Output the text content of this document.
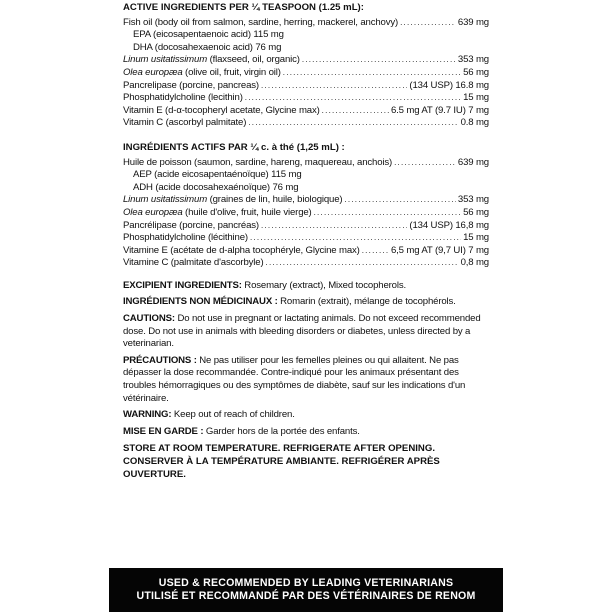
ACTIVE INGREDIENTS PER ¼ TEASPOON (1.25 mL):
Fish oil (body oil from salmon, sardine, herring, mackerel, anchovy) . . .	639 mg
EPA (eicosapentaenoic acid) 115 mg
DHA (docosahexaenoic acid) 76 mg
Linum usitatissimum (flaxseed, oil, organic) . . .	353 mg
Olea europæa (olive oil, fruit, virgin oil) . . .	56 mg
Pancrelipase (porcine, pancreas) . . .	(134 USP) 16.8 mg
Phosphatidylcholine (lecithin) . . .	15 mg
Vitamin E (d-α-tocopheryl acetate, Glycine max) . . .	6.5 mg AT (9.7 IU) 7 mg
Vitamin C (ascorbyl palmitate) . . .	0.8 mg
INGRÉDIENTS ACTIFS PAR ¼ c. à thé (1,25 mL) :
Huile de poisson (saumon, sardine, hareng, maquereau, anchois) . . .	639 mg
AEP (acide eicosapentaénoïque) 115 mg
ADH (acide docosahexaénoïque) 76 mg
Linum usitatissimum (graines de lin, huile, biologique) . . .	353 mg
Olea europæa (huile d'olive, fruit, huile vierge) . . .	56 mg
Pancrélipase (porcine, pancréas) . . .	(134 USP) 16,8 mg
Phosphatidylcholine (lécithine) . . .	15 mg
Vitamine E (acétate de d-alpha tocophéryle, Glycine max) . . .	6,5 mg AT (9,7 UI) 7 mg
Vitamine C (palmitate d'ascorbyle) . . .	0,8 mg
EXCIPIENT INGREDIENTS: Rosemary (extract), Mixed tocopherols.
INGRÉDIENTS NON MÉDICINAUX : Romarin (extrait), mélange de tocophérols.
CAUTIONS: Do not use in pregnant or lactating animals. Do not exceed recommended dose. Do not use in animals with bleeding disorders or diabetes, unless directed by a veterinarian.
PRÉCAUTIONS : Ne pas utiliser pour les femelles pleines ou qui allaitent. Ne pas dépasser la dose recommandée. Contre-indiqué pour les animaux présentant des troubles hémorragiques ou des symptômes de diabète, sauf sur les indications d'un vétérinaire.
WARNING: Keep out of reach of children.
MISE EN GARDE : Garder hors de la portée des enfants.
STORE AT ROOM TEMPERATURE. REFRIGERATE AFTER OPENING.
CONSERVER À LA TEMPÉRATURE AMBIANTE. REFRIGÉRER APRÈS OUVERTURE.
USED & RECOMMENDED BY LEADING VETERINARIANS
UTILISÉ ET RECOMMANDÉ PAR DES VÉTÉRINAIRES DE RENOM
